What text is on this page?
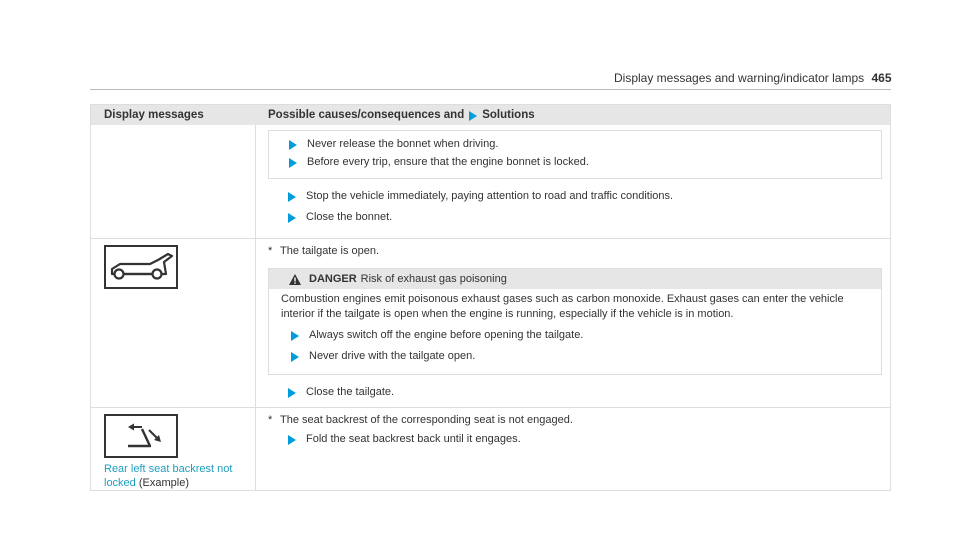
Display messages and warning/indicator lamps 465
Display messages	Possible causes/consequences and Solutions
Never release the bonnet when driving.
Before every trip, ensure that the engine bonnet is locked.
Stop the vehicle immediately, paying attention to road and traffic conditions.
Close the bonnet.
* The tailgate is open.
DANGER Risk of exhaust gas poisoning

Combustion engines emit poisonous exhaust gases such as carbon monoxide. Exhaust gases can enter the vehicle interior if the tailgate is open when the engine is running, especially if the vehicle is in motion.

Always switch off the engine before opening the tailgate.
Never drive with the tailgate open.
Close the tailgate.
Rear left seat backrest not
locked (Example)
* The seat backrest of the corresponding seat is not engaged.
Fold the seat backrest back until it engages.
